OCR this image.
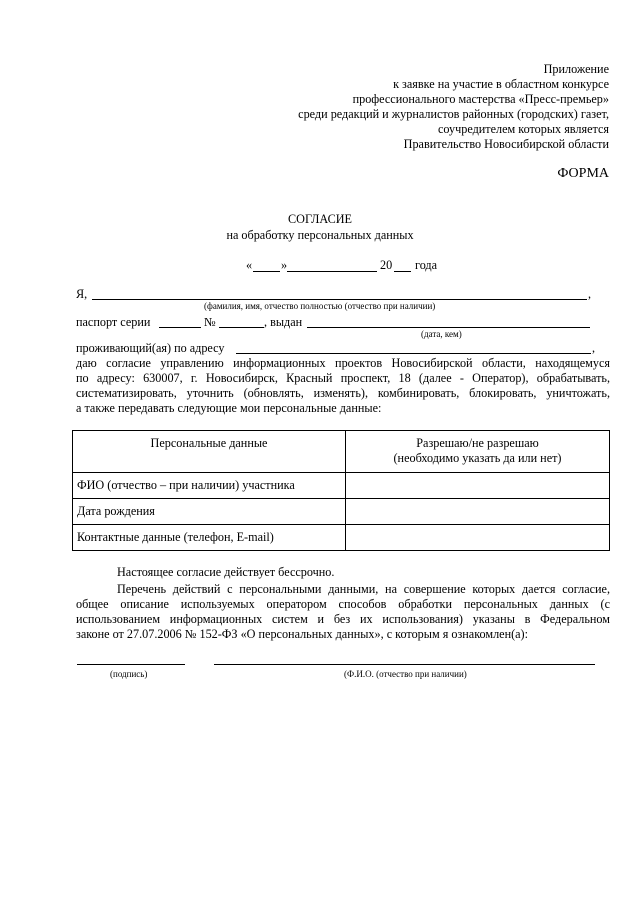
Приложение
к заявке на участие в областном конкурсе
профессионального мастерства «Пресс-премьер»
среди редакций и журналистов районных (городских) газет,
соучредителем которых является
Правительство Новосибирской области
ФОРМА
СОГЛАСИЕ
на обработку персональных данных
« »	20 года
Я,	,
(фамилия, имя, отчество полностью (отчество при наличии)
паспорт серии	№	, выдан
(дата, кем)
проживающий(ая) по адресу	,
даю согласие управлению информационных проектов Новосибирской области, находящемуся
по адресу: 630007, г. Новосибирск, Красный проспект, 18 (далее - Оператор), обрабатывать,
систематизировать, уточнить (обновлять, изменять), комбинировать, блокировать, уничтожать,
а также передавать следующие мои персональные данные:
Персональные данные	Разрешаю/не разрешаю
(необходимо указать да или нет)

ФИО (отчество – при наличии) участника	
Дата рождения	
Контактные данные (телефон, E-mail)	
Настоящее согласие действует бессрочно.
Перечень действий с персональными данными, на совершение которых дается согласие,
общее описание используемых оператором способов обработки персональных данных (с
использованием информационных систем и без их использования) указаны в Федеральном
законе от 27.07.2006 № 152-ФЗ «О персональных данных», с которым я ознакомлен(а):
(подпись)	(Ф.И.О. (отчество при наличии)
